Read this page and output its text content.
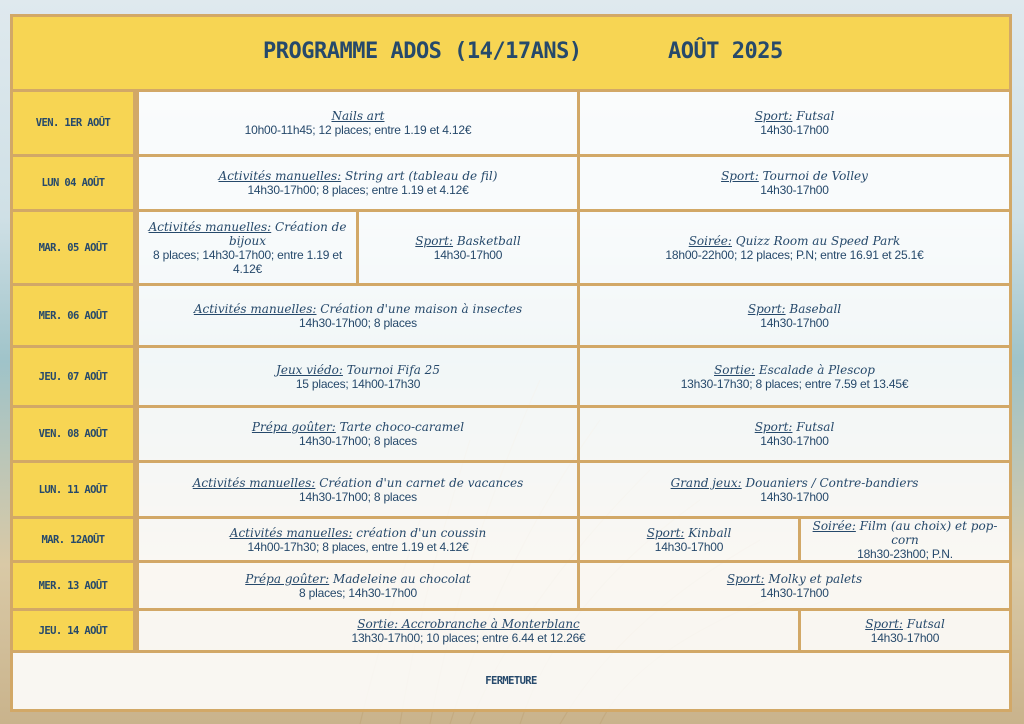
PROGRAMME ADOS (14/17ANS)	AOÛT 2025
VEN. 1ER AOÛT	Nails art
10h00-11h45; 12 places; entre 1.19 et 4.12€
Sport: Futsal
14h30-17h00
LUN 04 AOÛT	Activités manuelles: String art (tableau de fil)
14h30-17h00; 8 places; entre 1.19 et 4.12€
Sport: Tournoi de Volley
14h30-17h00
MAR. 05 AOÛT
Activités manuelles: Création de bijoux
8 places; 14h30-17h00; entre 1.19 et 4.12€
Sport: Basketball
14h30-17h00
Soirée: Quizz Room au Speed Park
18h00-22h00; 12 places; P.N; entre 16.91 et 25.1€
MER. 06 AOÛT	Activités manuelles: Création d'une maison à insectes
14h30-17h00; 8 places
Sport: Baseball
14h30-17h00
JEU. 07 AOÛT	Jeux viédo: Tournoi Fifa 25
15 places; 14h00-17h30
Sortie: Escalade à Plescop
13h30-17h30; 8 places; entre 7.59 et 13.45€
VEN. 08 AOÛT	Prépa goûter: Tarte choco-caramel
14h30-17h00; 8 places
Sport: Futsal
14h30-17h00
LUN. 11 AOÛT	Activités manuelles: Création d'un carnet de vacances
14h30-17h00; 8 places
Grand jeux: Douaniers / Contre-bandiers
14h30-17h00
MAR. 12AOÛT	Activités manuelles: création d'un coussin
14h00-17h30; 8 places, entre 1.19 et 4.12€
Sport: Kinball
14h30-17h00
Soirée: Film (au choix) et pop-corn
18h30-23h00; P.N.
MER. 13 AOÛT	Prépa goûter: Madeleine au chocolat
8 places; 14h30-17h00
Sport: Molky et palets
14h30-17h00
JEU. 14 AOÛT	Sortie: Accrobranche à Monterblanc
13h30-17h00; 10 places; entre 6.44 et 12.26€
Sport: Futsal
14h30-17h00
FERMETURE
